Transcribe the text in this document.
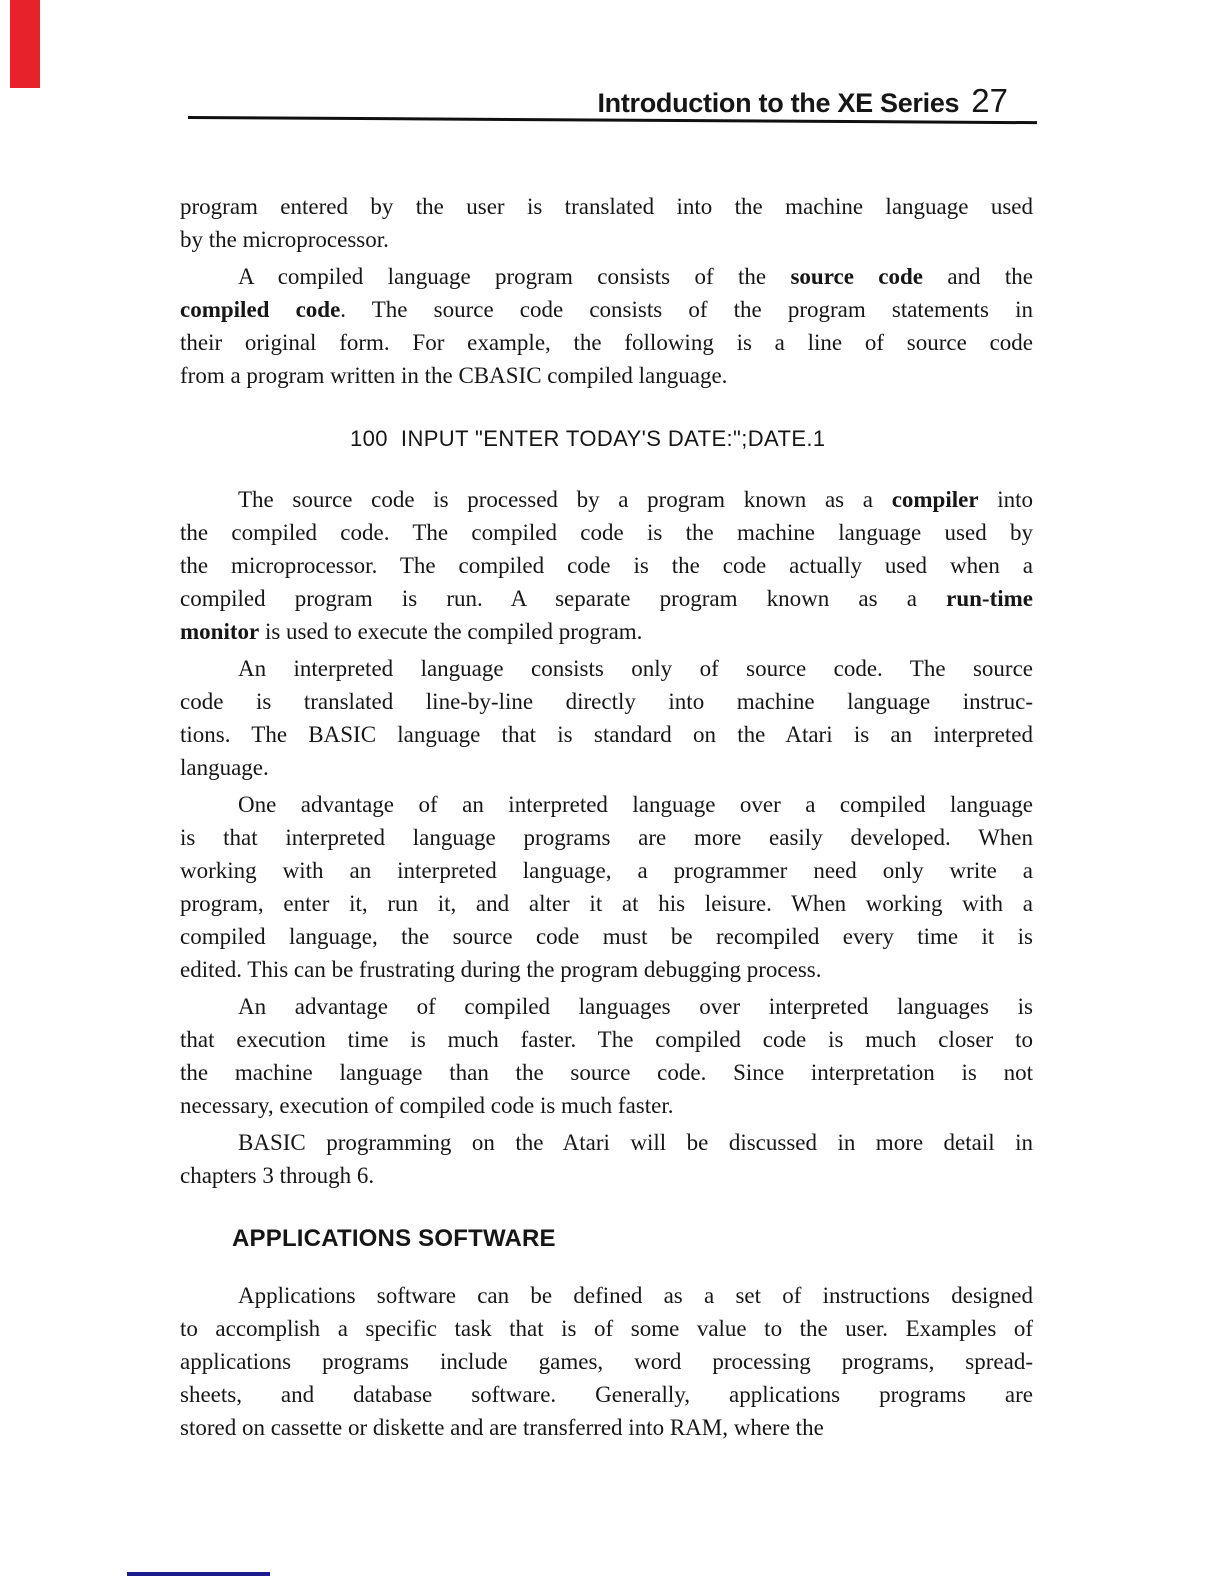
Introduction to the XE Series 27
program entered by the user is translated into the machine language used
by the microprocessor.
A compiled language program consists of the source code and the
compiled code. The source code consists of the program statements in
their original form. For example, the following is a line of source code
from a program written in the CBASIC compiled language.
100  INPUT "ENTER TODAY'S DATE:";DATE.1
The source code is processed by a program known as a compiler into
the compiled code. The compiled code is the machine language used by
the microprocessor. The compiled code is the code actually used when a
compiled program is run. A separate program known as a run-time
monitor is used to execute the compiled program.
An interpreted language consists only of source code. The source
code is translated line-by-line directly into machine language instruc-
tions. The BASIC language that is standard on the Atari is an interpreted
language.
One advantage of an interpreted language over a compiled language
is that interpreted language programs are more easily developed. When
working with an interpreted language, a programmer need only write a
program, enter it, run it, and alter it at his leisure. When working with a
compiled language, the source code must be recompiled every time it is
edited. This can be frustrating during the program debugging process.
An advantage of compiled languages over interpreted languages is
that execution time is much faster. The compiled code is much closer to
the machine language than the source code. Since interpretation is not
necessary, execution of compiled code is much faster.
BASIC programming on the Atari will be discussed in more detail in
chapters 3 through 6.
APPLICATIONS SOFTWARE
Applications software can be defined as a set of instructions designed
to accomplish a specific task that is of some value to the user. Examples of
applications programs include games, word processing programs, spread-
sheets, and database software. Generally, applications programs are
stored on cassette or diskette and are transferred into RAM, where the
